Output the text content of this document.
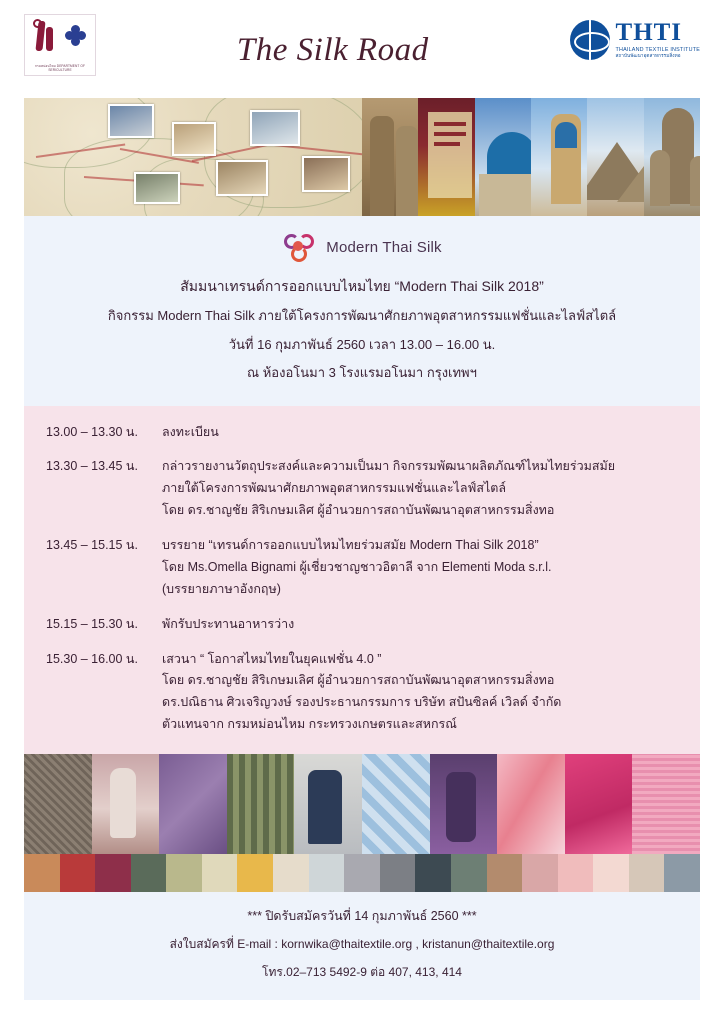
กรมหม่อนไหม DEPARTMENT OF SERICULTURE
The Silk Road	THTI
THAILAND TEXTILE INSTITUTE
สถาบันพัฒนาอุตสาหกรรมสิ่งทอ
Modern Thai Silk

สัมมนาเทรนด์การออกแบบไหมไทย “Modern Thai Silk 2018”

กิจกรรม Modern Thai Silk ภายใต้โครงการพัฒนาศักยภาพอุตสาหกรรมแฟชั่นและไลฟ์สไตล์

วันที่ 16 กุมภาพันธ์ 2560 เวลา 13.00 – 16.00 น.

ณ ห้องอโนมา 3 โรงแรมอโนมา กรุงเทพฯ

13.00 – 13.30 น.	ลงทะเบียน
13.30 – 13.45 น.	กล่าวรายงานวัตถุประสงค์และความเป็นมา กิจกรรมพัฒนาผลิตภัณฑ์ไหมไทยร่วมสมัย
ภายใต้โครงการพัฒนาศักยภาพอุตสาหกรรมแฟชั่นและไลฟ์สไตล์
โดย ดร.ชาญชัย สิริเกษมเลิศ ผู้อำนวยการสถาบันพัฒนาอุตสาหกรรมสิ่งทอ
13.45 – 15.15 น.	บรรยาย “เทรนด์การออกแบบไหมไทยร่วมสมัย Modern Thai Silk 2018”
โดย Ms.Omella Bignami ผู้เชี่ยวชาญชาวอิตาลี จาก Elementi Moda s.r.l.
(บรรยายภาษาอังกฤษ)
15.15 – 15.30 น.	พักรับประทานอาหารว่าง
15.30 – 16.00 น.	เสวนา “ โอกาสไหมไทยในยุคแฟชั่น 4.0 ”
โดย ดร.ชาญชัย สิริเกษมเลิศ ผู้อำนวยการสถาบันพัฒนาอุตสาหกรรมสิ่งทอ
ดร.ปณิธาน ศิวเจริญวงษ์ รองประธานกรรมการ บริษัท สปันซิลค์ เวิลด์ จำกัด
ตัวแทนจาก กรมหม่อนไหม กระทรวงเกษตรและสหกรณ์
*** ปิดรับสมัครวันที่ 14 กุมภาพันธ์ 2560 ***
ส่งใบสมัครที่ E-mail : kornwika@thaitextile.org , kristanun@thaitextile.org
โทร.02–713 5492-9 ต่อ 407, 413, 414
